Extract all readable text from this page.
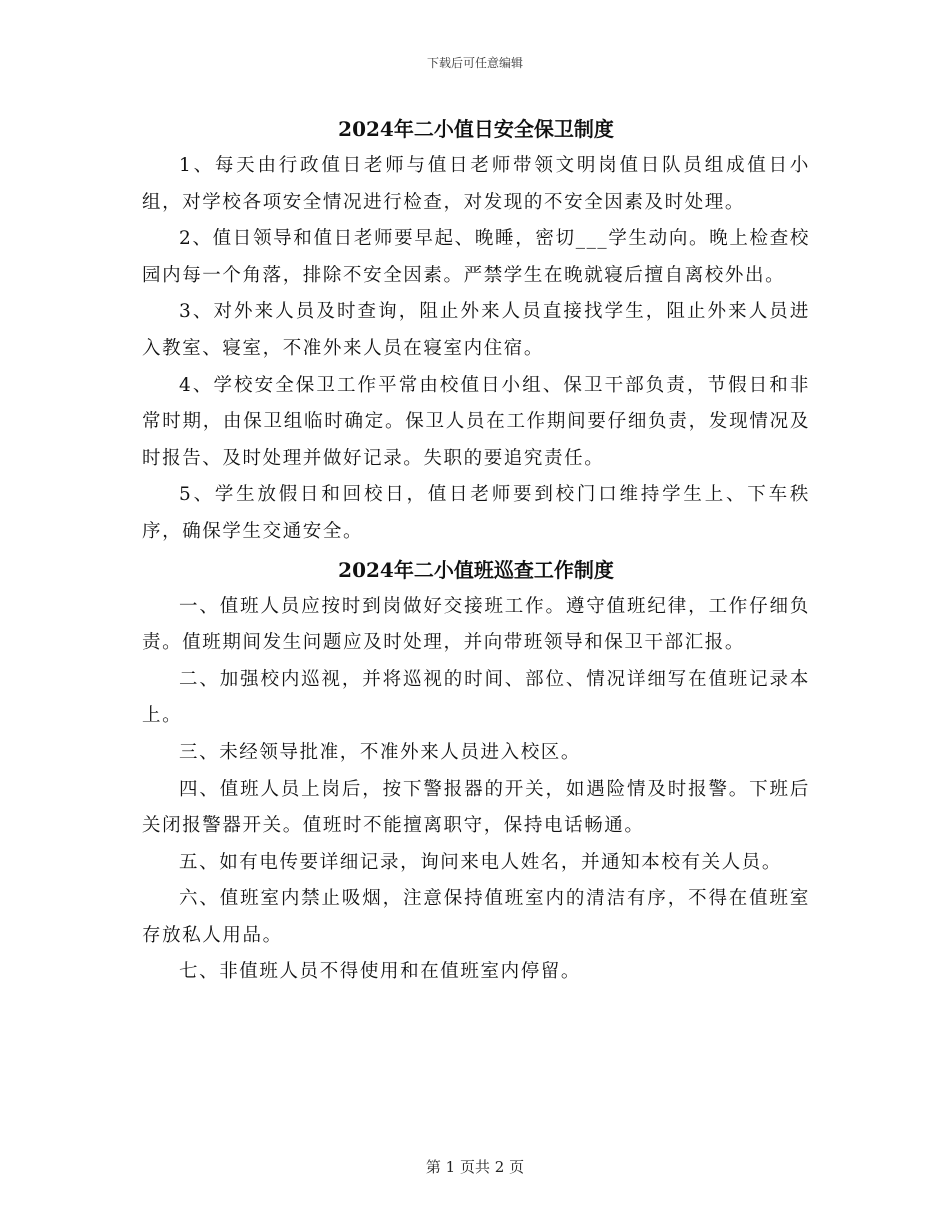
下载后可任意编辑
2024年二小值日安全保卫制度

1、每天由行政值日老师与值日老师带领文明岗值日队员组成值日小组，对学校各项安全情况进行检查，对发现的不安全因素及时处理。

2、值日领导和值日老师要早起、晚睡，密切___学生动向。晚上检查校园内每一个角落，排除不安全因素。严禁学生在晚就寝后擅自离校外出。

3、对外来人员及时查询，阻止外来人员直接找学生，阻止外来人员进入教室、寝室，不准外来人员在寝室内住宿。

4、学校安全保卫工作平常由校值日小组、保卫干部负责，节假日和非常时期，由保卫组临时确定。保卫人员在工作期间要仔细负责，发现情况及时报告、及时处理并做好记录。失职的要追究责任。

5、学生放假日和回校日，值日老师要到校门口维持学生上、下车秩序，确保学生交通安全。

2024年二小值班巡查工作制度

一、值班人员应按时到岗做好交接班工作。遵守值班纪律，工作仔细负责。值班期间发生问题应及时处理，并向带班领导和保卫干部汇报。

二、加强校内巡视，并将巡视的时间、部位、情况详细写在值班记录本上。

三、未经领导批准，不准外来人员进入校区。

四、值班人员上岗后，按下警报器的开关，如遇险情及时报警。下班后关闭报警器开关。值班时不能擅离职守，保持电话畅通。

五、如有电传要详细记录，询问来电人姓名，并通知本校有关人员。

六、值班室内禁止吸烟，注意保持值班室内的清洁有序，不得在值班室存放私人用品。

七、非值班人员不得使用和在值班室内停留。

第 1 页共 2 页
